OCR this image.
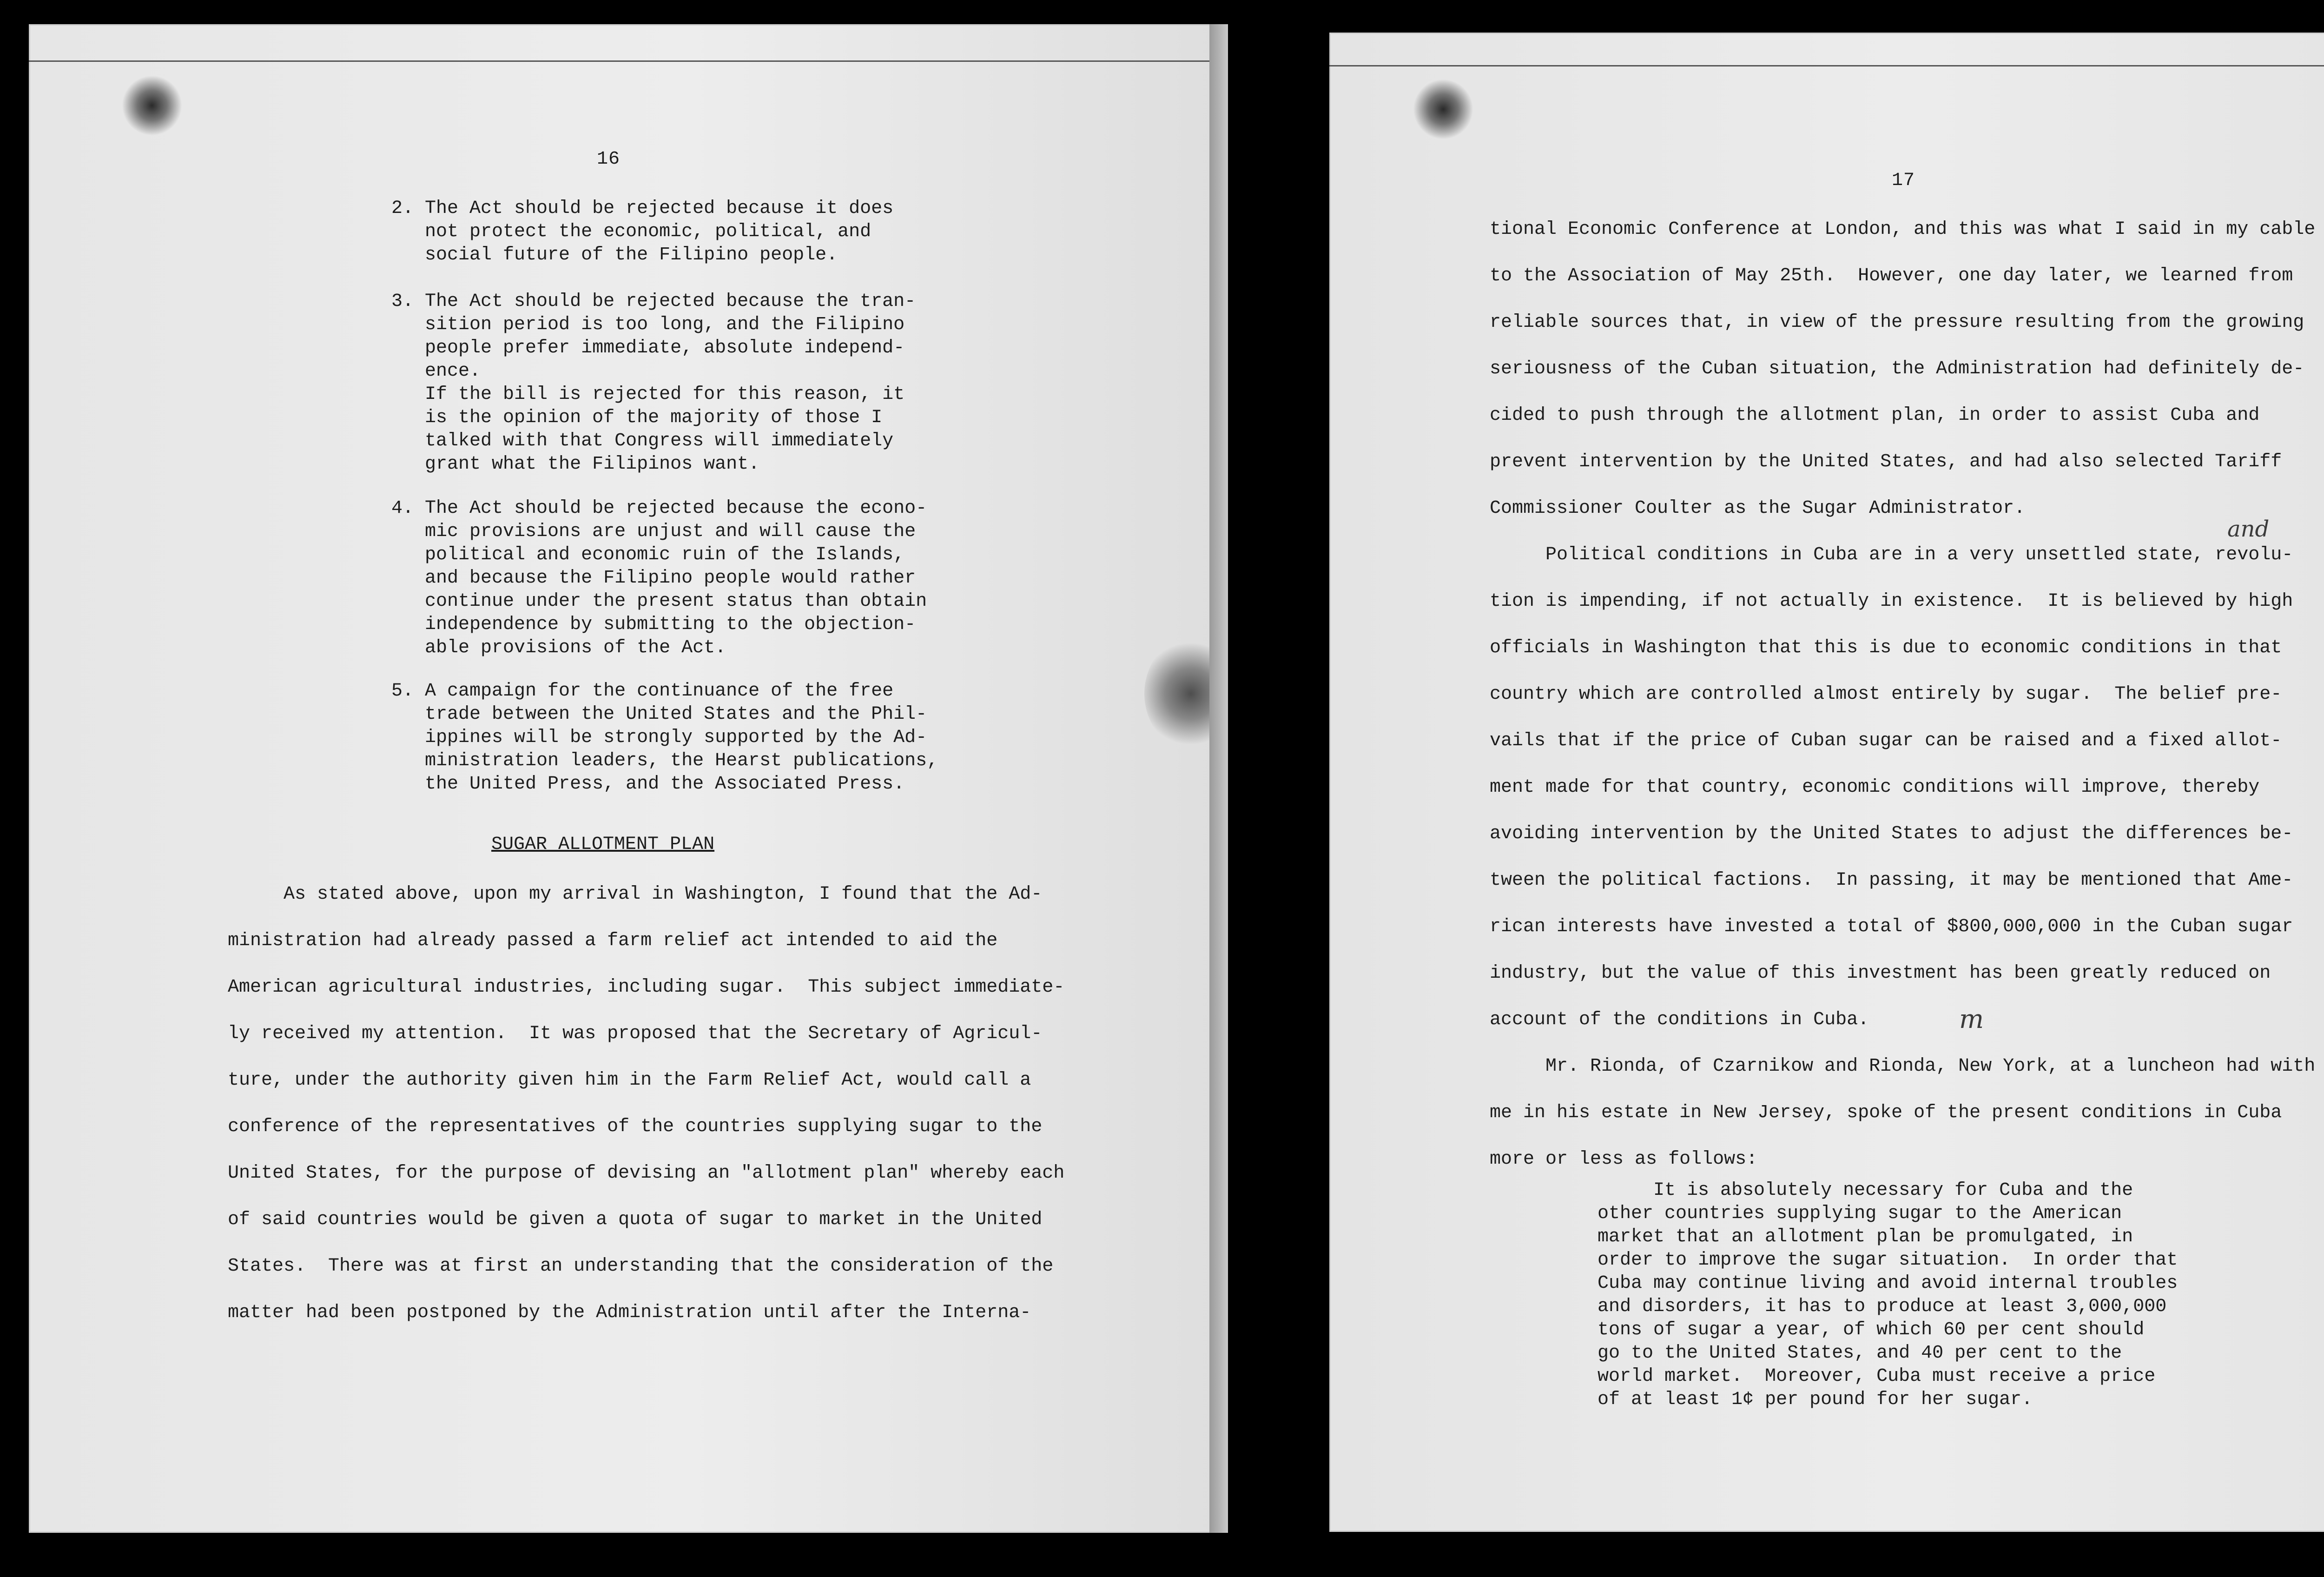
16

2. The Act should be rejected because it does
not protect the economic, political, and
social future of the Filipino people.

3. The Act should be rejected because the tran-
sition period is too long, and the Filipino
people prefer immediate, absolute independ-
ence.
If the bill is rejected for this reason, it
is the opinion of the majority of those I
talked with that Congress will immediately
grant what the Filipinos want.

4. The Act should be rejected because the econo-
mic provisions are unjust and will cause the
political and economic ruin of the Islands,
and because the Filipino people would rather
continue under the present status than obtain
independence by submitting to the objection-
able provisions of the Act.

5. A campaign for the continuance of the free
trade between the United States and the Phil-
ippines will be strongly supported by the Ad-
ministration leaders, the Hearst publications,
the United Press, and the Associated Press.

SUGAR ALLOTMENT PLAN

As stated above, upon my arrival in Washington, I found that the Ad-
ministration had already passed a farm relief act intended to aid the
American agricultural industries, including sugar.  This subject immediate-
ly received my attention.  It was proposed that the Secretary of Agricul-
ture, under the authority given him in the Farm Relief Act, would call a
conference of the representatives of the countries supplying sugar to the
United States, for the purpose of devising an "allotment plan" whereby each
of said countries would be given a quota of sugar to market in the United
States.  There was at first an understanding that the consideration of the
matter had been postponed by the Administration until after the Interna-

17

tional Economic Conference at London, and this was what I said in my cable
to the Association of May 25th.  However, one day later, we learned from
reliable sources that, in view of the pressure resulting from the growing
seriousness of the Cuban situation, the Administration had definitely de-
cided to push through the allotment plan, in order to assist Cuba and
prevent intervention by the United States, and had also selected Tariff
Commissioner Coulter as the Sugar Administrator.

and

Political conditions in Cuba are in a very unsettled state, revolu-
tion is impending, if not actually in existence.  It is believed by high
officials in Washington that this is due to economic conditions in that
country which are controlled almost entirely by sugar.  The belief pre-
vails that if the price of Cuban sugar can be raised and a fixed allot-
ment made for that country, economic conditions will improve, thereby
avoiding intervention by the United States to adjust the differences be-
tween the political factions.  In passing, it may be mentioned that Ame-
rican interests have invested a total of $800,000,000 in the Cuban sugar
industry, but the value of this investment has been greatly reduced on
account of the conditions in Cuba.	m

Mr. Rionda, of Czarnikow and Rionda, New York, at a luncheon had with
me in his estate in New Jersey, spoke of the present conditions in Cuba
more or less as follows:

It is absolutely necessary for Cuba and the
other countries supplying sugar to the American
market that an allotment plan be promulgated, in
order to improve the sugar situation.  In order that
Cuba may continue living and avoid internal troubles
and disorders, it has to produce at least 3,000,000
tons of sugar a year, of which 60 per cent should
go to the United States, and 40 per cent to the
world market.  Moreover, Cuba must receive a price
of at least 1¢ per pound for her sugar.
